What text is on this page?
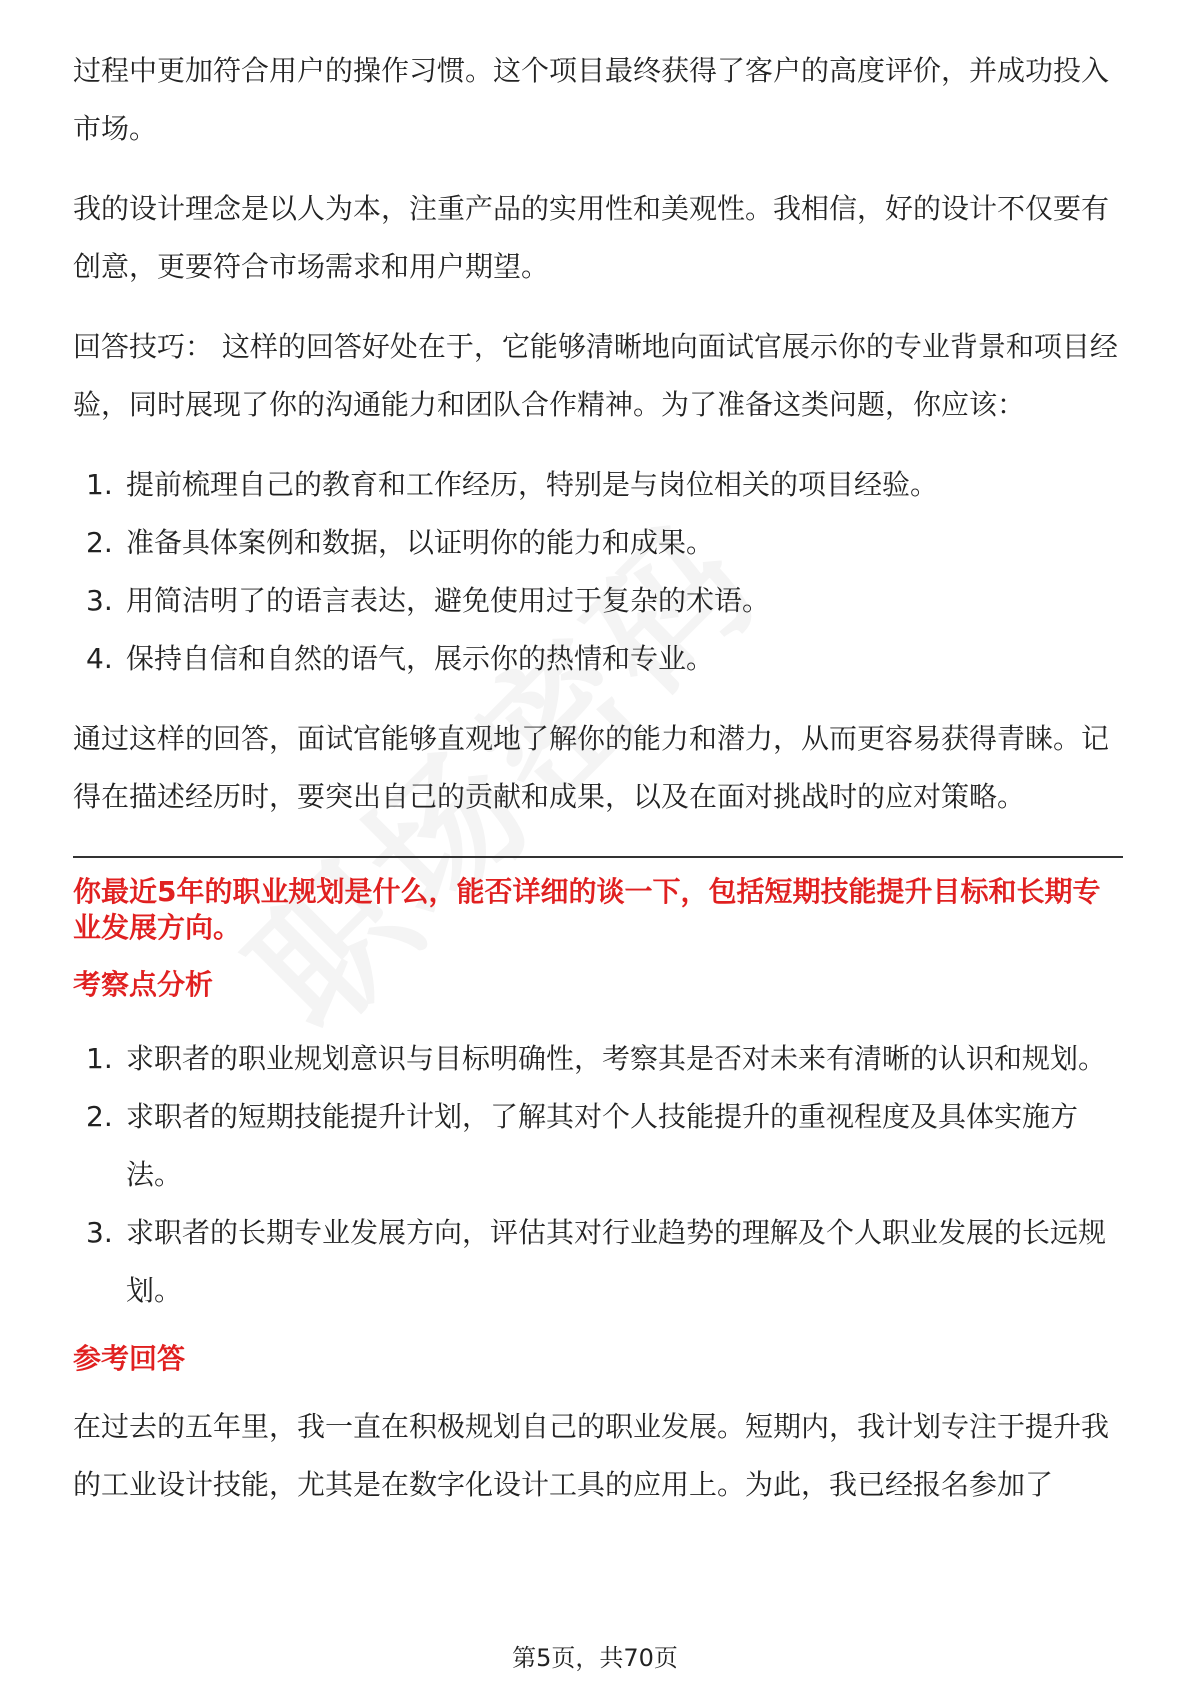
过程中更加符合用户的操作习惯。这个项目最终获得了客户的高度评价，并成功投入市场。

我的设计理念是以人为本，注重产品的实用性和美观性。我相信，好的设计不仅要有创意，更要符合市场需求和用户期望。

回答技巧： 这样的回答好处在于，它能够清晰地向面试官展示你的专业背景和项目经验，同时展现了你的沟通能力和团队合作精神。为了准备这类问题，你应该：

1. 提前梳理自己的教育和工作经历，特别是与岗位相关的项目经验。
2. 准备具体案例和数据，以证明你的能力和成果。
3. 用简洁明了的语言表达，避免使用过于复杂的术语。
4. 保持自信和自然的语气，展示你的热情和专业。

通过这样的回答，面试官能够直观地了解你的能力和潜力，从而更容易获得青睐。记得在描述经历时，要突出自己的贡献和成果，以及在面对挑战时的应对策略。

你最近5年的职业规划是什么，能否详细的谈一下，包括短期技能提升目标和长期专业发展方向。
考察点分析
1. 求职者的职业规划意识与目标明确性，考察其是否对未来有清晰的认识和规划。
2. 求职者的短期技能提升计划，了解其对个人技能提升的重视程度及具体实施方法。
3. 求职者的长期专业发展方向，评估其对行业趋势的理解及个人职业发展的长远规划。
参考回答

在过去的五年里，我一直在积极规划自己的职业发展。短期内，我计划专注于提升我的工业设计技能，尤其是在数字化设计工具的应用上。为此，我已经报名参加了

第5页，共70页
